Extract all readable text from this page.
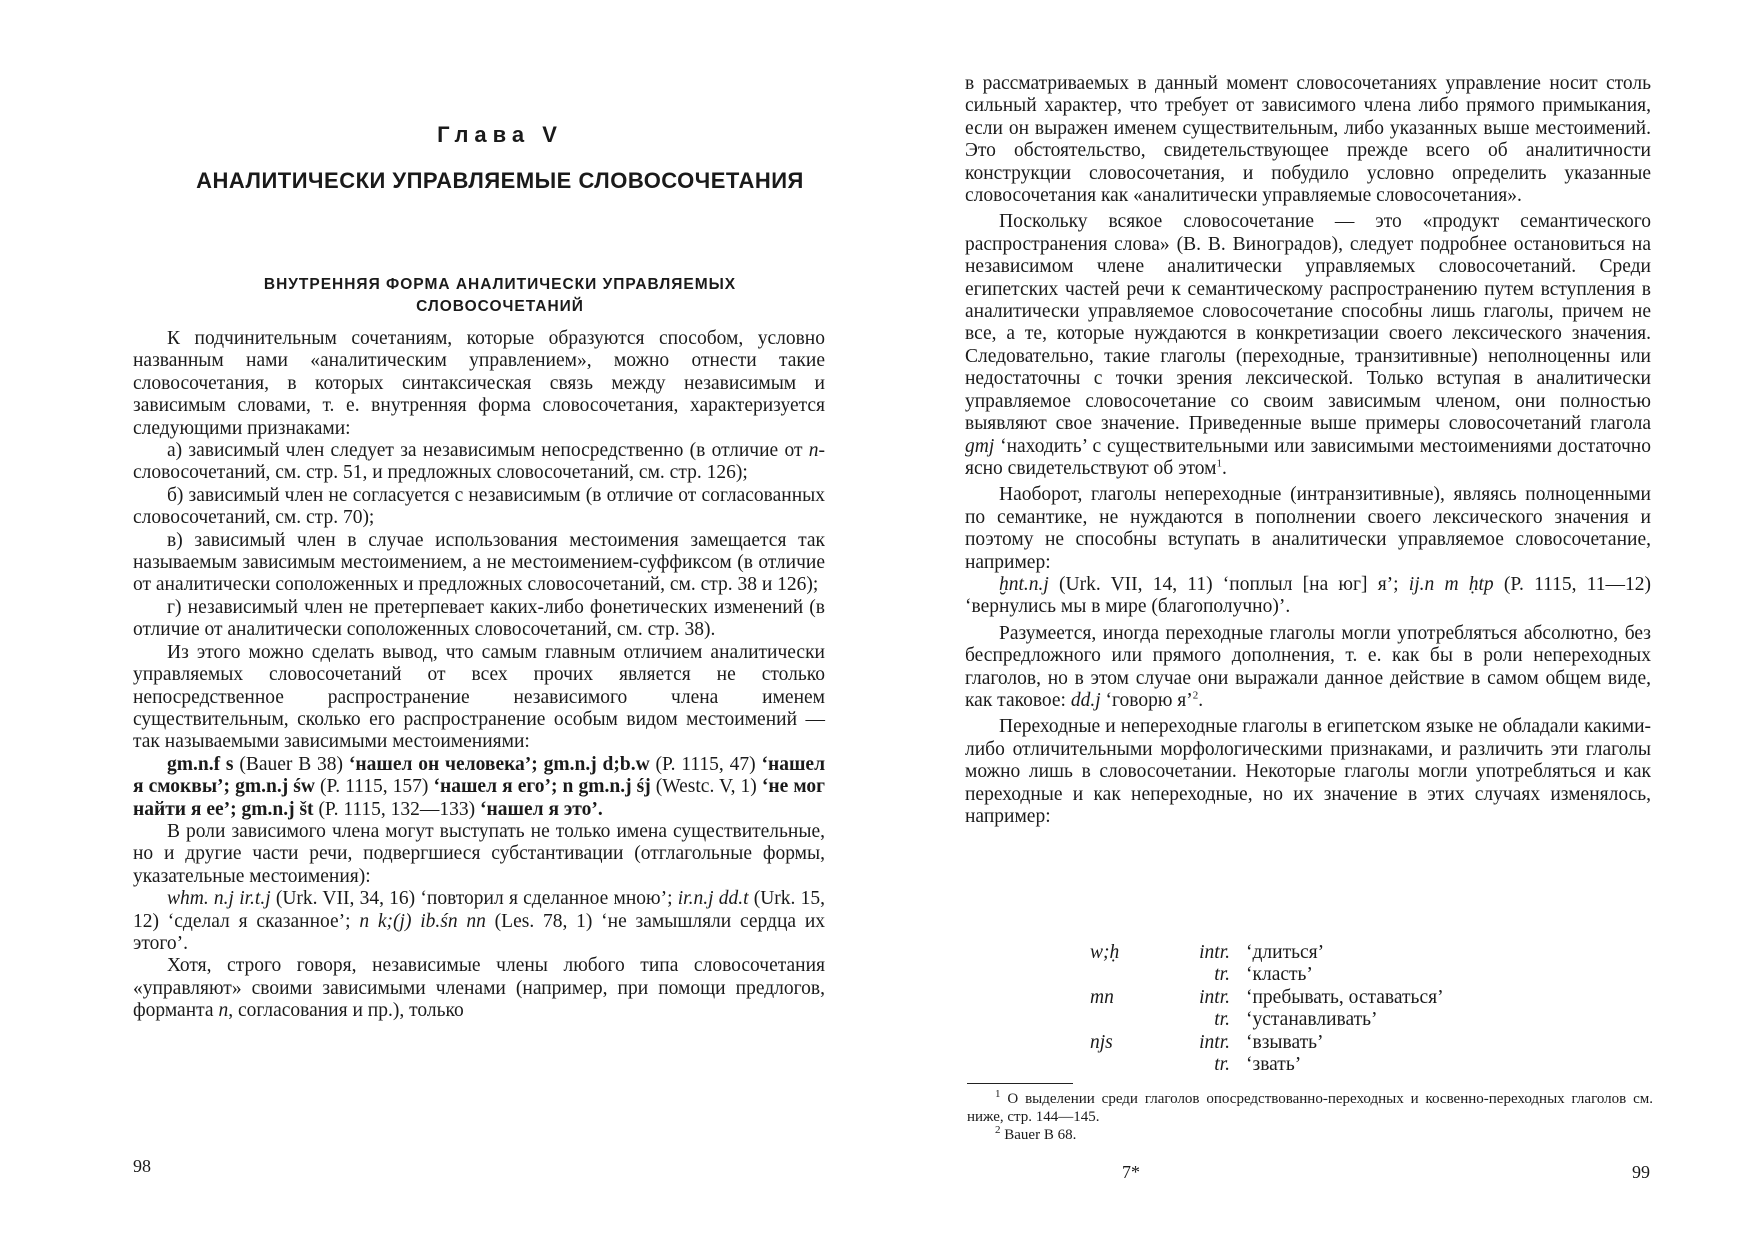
Глава V
АНАЛИТИЧЕСКИ УПРАВЛЯЕМЫЕ СЛОВОСОЧЕТАНИЯ
ВНУТРЕННЯЯ ФОРМА АНАЛИТИЧЕСКИ УПРАВЛЯЕМЫХ
СЛОВОСОЧЕТАНИЙ

К подчинительным сочетаниям, которые образуются способом, условно названным нами «аналитическим управлением», можно отнести такие словосочетания, в которых синтаксическая связь между независимым и зависимым словами, т. е. внутренняя форма словосочетания, характеризуется следующими признаками:

а) зависимый член следует за независимым непосредственно (в отличие от n-словосочетаний, см. стр. 51, и предложных словосочетаний, см. стр. 126);

б) зависимый член не согласуется с независимым (в отличие от согласованных словосочетаний, см. стр. 70);

в) зависимый член в случае использования местоимения замещается так называемым зависимым местоимением, а не местоимением-суффиксом (в отличие от аналитически соположенных и предложных словосочетаний, см. стр. 38 и 126);

г) независимый член не претерпевает каких-либо фонетических изменений (в отличие от аналитически соположенных словосочетаний, см. стр. 38).

Из этого можно сделать вывод, что самым главным отличием аналитически управляемых словосочетаний от всех прочих является не столько непосредственное распространение независимого члена именем существительным, сколько его распространение особым видом местоимений — так называемыми зависимыми местоимениями:

gm.n.f s (Bauer B 38) ‘нашел он человека’; gm.n.j d;b.w (P. 1115, 47) ‘нашел я смоквы’; gm.n.j św (P. 1115, 157) ‘нашел я его’; n gm.n.j śj (Westc. V, 1) ‘не мог найти я ее’; gm.n.j št (P. 1115, 132—133) ‘нашел я это’.

В роли зависимого члена могут выступать не только имена существительные, но и другие части речи, подвергшиеся субстантивации (отглагольные формы, указательные местоимения):

whm. n.j ir.t.j (Urk. VII, 34, 16) ‘повторил я сделанное мною’; ir.n.j dd.t (Urk. 15, 12) ‘сделал я сказанное’; n k;(j) ib.śn nn (Les. 78, 1) ‘не замышляли сердца их этого’.

Хотя, строго говоря, независимые члены любого типа словосочетания «управляют» своими зависимыми членами (например, при помощи предлогов, форманта n, согласования и пр.), только

98

в рассматриваемых в данный момент словосочетаниях управление носит столь сильный характер, что требует от зависимого члена либо прямого примыкания, если он выражен именем существительным, либо указанных выше местоимений. Это обстоятельство, свидетельствующее прежде всего об аналитичности конструкции словосочетания, и побудило условно определить указанные словосочетания как «аналитически управляемые словосочетания».

Поскольку всякое словосочетание — это «продукт семантического распространения слова» (В. В. Виноградов), следует подробнее остановиться на независимом члене аналитически управляемых словосочетаний. Среди египетских частей речи к семантическому распространению путем вступления в аналитически управляемое словосочетание способны лишь глаголы, причем не все, а те, которые нуждаются в конкретизации своего лексического значения. Следовательно, такие глаголы (переходные, транзитивные) неполноценны или недостаточны с точки зрения лексической. Только вступая в аналитически управляемое словосочетание со своим зависимым членом, они полностью выявляют свое значение. Приведенные выше примеры словосочетаний глагола gmj ‘находить’ с существительными или зависимыми местоимениями достаточно ясно свидетельствуют об этом$^1$.

Наоборот, глаголы непереходные (интранзитивные), являясь полноценными по семантике, не нуждаются в пополнении своего лексического значения и поэтому не способны вступать в аналитически управляемое словосочетание, например:

ḫnt.n.j (Urk. VII, 14, 11) ‘поплыл [на юг] я’; ij.n m ḥtp (P. 1115, 11—12) ‘вернулись мы в мире (благополучно)’.

Разумеется, иногда переходные глаголы могли употребляться абсолютно, без беспредложного или прямого дополнения, т. е. как бы в роли непереходных глаголов, но в этом случае они выражали данное действие в самом общем виде, как таковое: dd.j ‘говорю я’$^2$.

Переходные и непереходные глаголы в египетском языке не обладали какими-либо отличительными морфологическими признаками, и различить эти глаголы можно лишь в словосочетании. Некоторые глаголы могли употребляться и как переходные и как непереходные, но их значение в этих случаях изменялось, например:

w;ḥ	intr.	‘длиться’
	tr.	‘класть’
mn	intr.	‘пребывать, оставаться’
	tr.	‘устанавливать’
njs	intr.	‘взывать’
	tr.	‘звать’

$^1$ О выделении среди глаголов опосредствованно-переходных и косвенно-переходных глаголов см. ниже, стр. 144—145.

$^2$ Bauer B 68.

7*	99
